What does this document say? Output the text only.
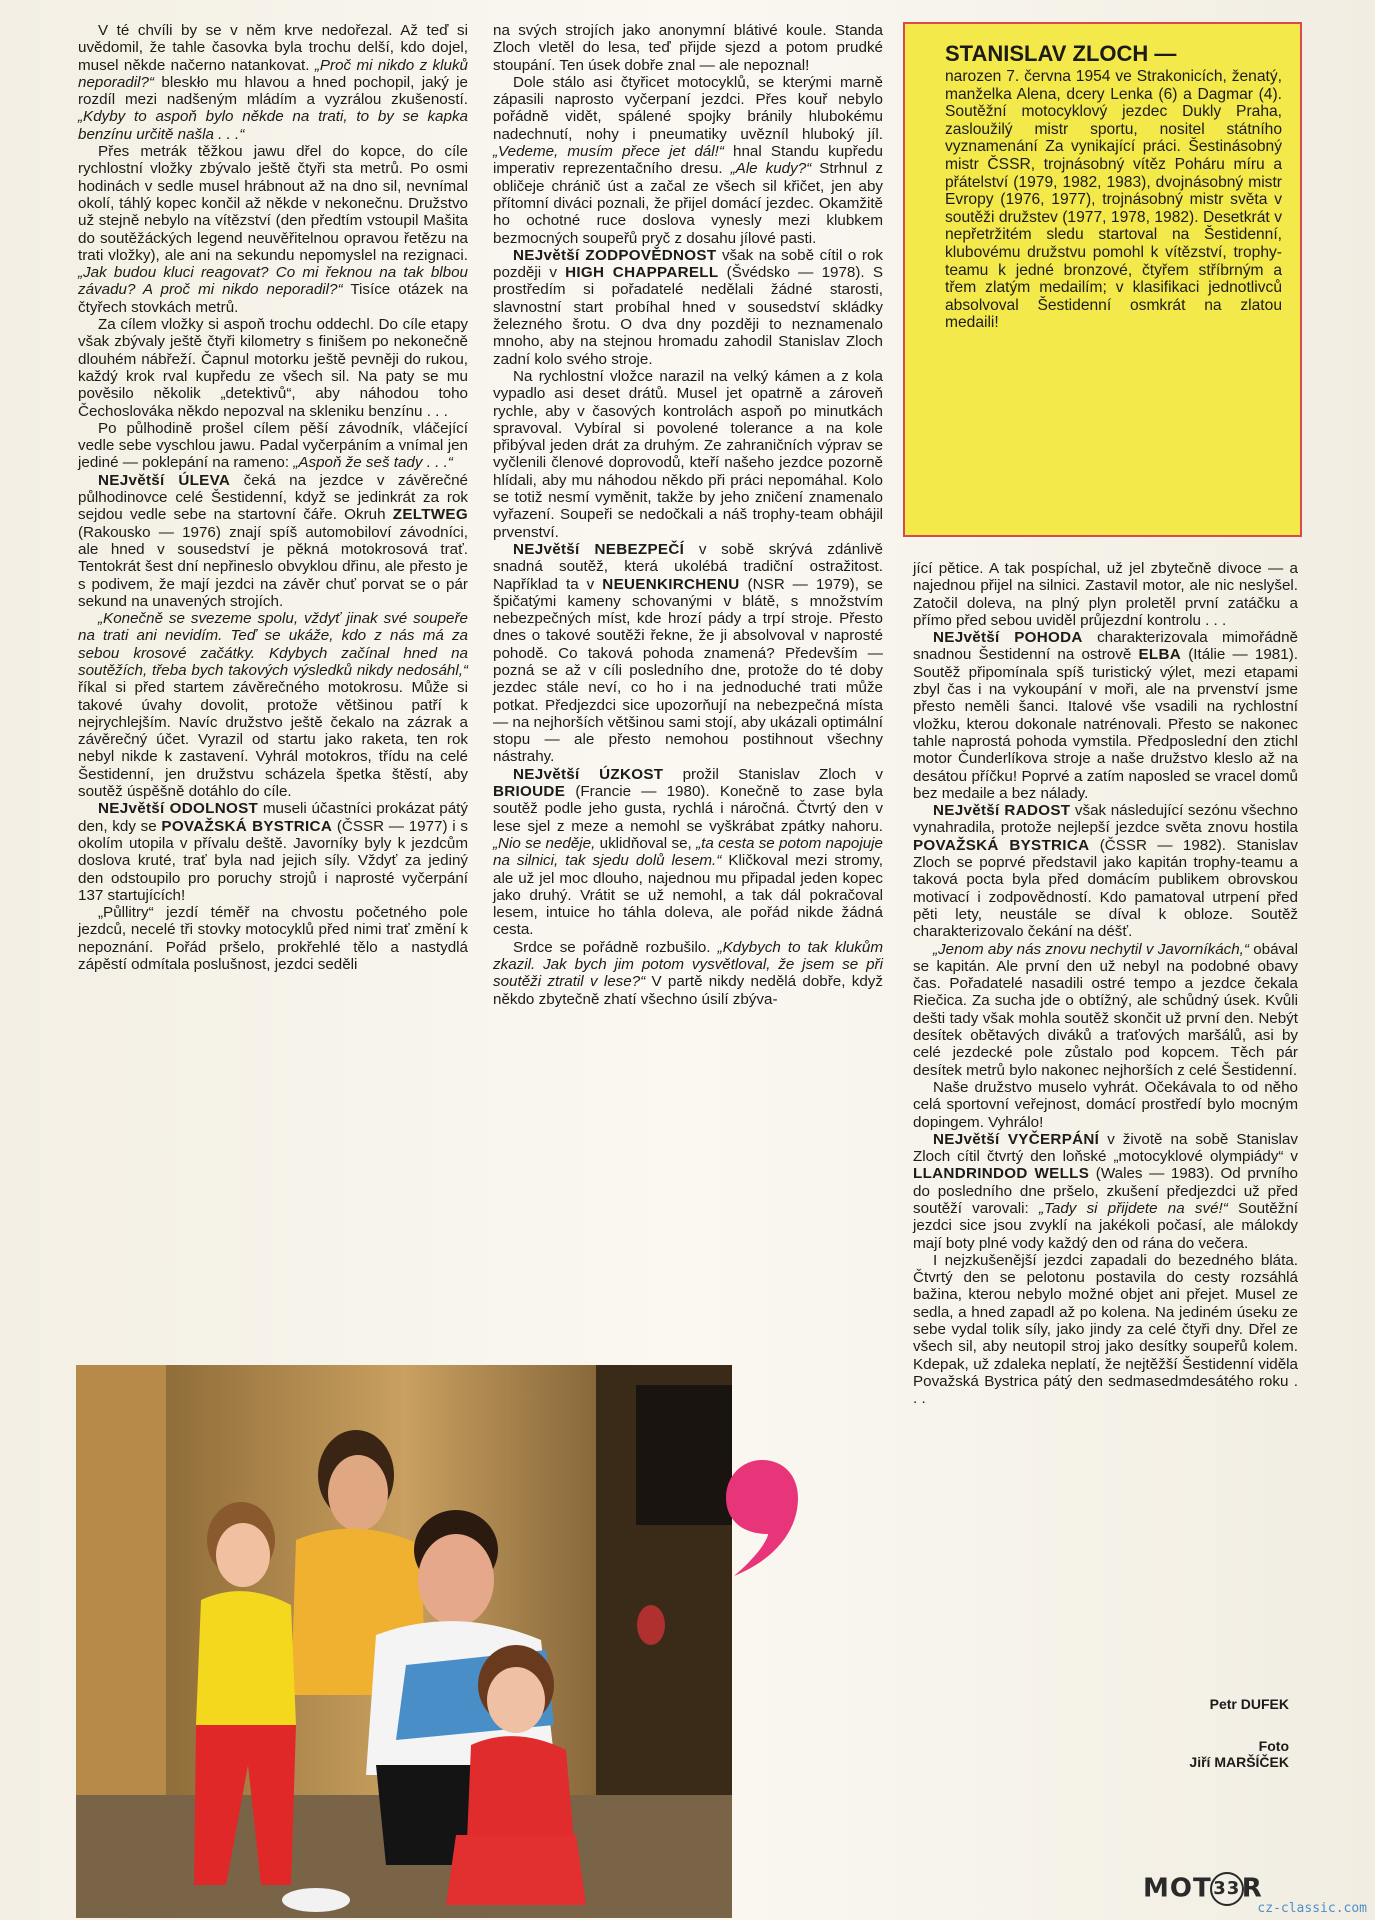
V té chvíli by se v něm krve nedořezal. Až teď si uvědomil, že tahle časovka byla trochu delší, kdo dojel, musel někde načerno natankovat. „Proč mi nikdo z kluků neporadil?“ bleskło mu hlavou a hned pochopil, jaký je rozdíl mezi nadšeným mládím a vyzrálou zkušeností. „Kdyby to aspoň bylo někde na trati, to by se kapka benzínu určitě našla . . .“

Přes metrák těžkou jawu dřel do kopce, do cíle rychlostní vložky zbývalo ještě čtyři sta metrů. Po osmi hodinách v sedle musel hrábnout až na dno sil, nevnímal okolí, táhlý kopec končil až někde v nekonečnu. Družstvo už stejně nebylo na vítězství (den předtím vstoupil Mašita do soutěžáckých legend neuvěřitelnou opravou řetězu na trati vložky), ale ani na sekundu nepomyslel na rezignaci. „Jak budou kluci reagovat? Co mi řeknou na tak blbou závadu? A proč mi nikdo neporadil?“ Tisíce otázek na čtyřech stovkách metrů.

Za cílem vložky si aspoň trochu oddechl. Do cíle etapy však zbývaly ještě čtyři kilometry s finišem po nekonečně dlouhém nábřeží. Čapnul motorku ještě pevněji do rukou, každý krok rval kupředu ze všech sil. Na paty se mu pověsilo několik „detektivů“, aby náhodou toho Čechoslováka někdo nepozval na skleniku benzínu . . .

Po půlhodině prošel cílem pěší závodník, vláčející vedle sebe vyschlou jawu. Padal vyčerpáním a vnímal jen jediné — poklepání na rameno: „Aspoň že seš tady . . .“

NEJvětší ÚLEVA čeká na jezdce v závěrečné půlhodinovce celé Šestidenní, když se jedinkrát za rok sejdou vedle sebe na startovní čáře. Okruh ZELTWEG (Rakousko — 1976) znají spíš automobiloví závodníci, ale hned v sousedství je pěkná motokrosová trať. Tentokrát šest dní nepřineslo obvyklou dřinu, ale přesto je s podivem, že mají jezdci na závěr chuť porvat se o pár sekund na unavených strojích.

„Konečně se svezeme spolu, vždyť jinak své soupeře na trati ani nevidím. Teď se ukáže, kdo z nás má za sebou krosové začátky. Kdybych začínal hned na soutěžích, třeba bych takových výsledků nikdy nedosáhl,“ říkal si před startem závěrečného motokrosu. Může si takové úvahy dovolit, protože většinou patří k nejrychlejším. Navíc družstvo ještě čekalo na zázrak a závěrečný účet. Vyrazil od startu jako raketa, ten rok nebyl nikde k zastavení. Vyhrál motokros, třídu na celé Šestidenní, jen družstvu scházela špetka štěstí, aby soutěž úspěšně dotáhlo do cíle.

NEJvětší ODOLNOST museli účastníci prokázat pátý den, kdy se POVAŽSKÁ BYSTRICA (ČSSR — 1977) i s okolím utopila v přívalu deště. Javorníky byly k jezdcům doslova kruté, trať byla nad jejich síly. Vždyť za jediný den odstoupilo pro poruchy strojů i naprosté vyčerpání 137 startujících!

„Půllitry“ jezdí téměř na chvostu početného pole jezdců, necelé tři stovky motocyklů před nimi trať změní k nepoznání. Pořád pršelo, prokřehlé tělo a nastydlá zápěstí odmítala poslušnost, jezdci seděli

na svých strojích jako anonymní blátivé koule. Standa Zloch vletěl do lesa, teď přijde sjezd a potom prudké stoupání. Ten úsek dobře znal — ale nepoznal!

Dole stálo asi čtyřicet motocyklů, se kterými marně zápasili naprosto vyčerpaní jezdci. Přes kouř nebylo pořádně vidět, spálené spojky bránily hlubokému nadechnutí, nohy i pneumatiky uvězníl hluboký jíl. „Vedeme, musím přece jet dál!“ hnal Standu kupředu imperativ reprezentačního dresu. „Ale kudy?“ Strhnul z obličeje chránič úst a začal ze všech sil křičet, jen aby přítomní diváci poznali, že přijel domácí jezdec. Okamžitě ho ochotné ruce doslova vynesly mezi klubkem bezmocných soupeřů pryč z dosahu jílové pasti.

NEJvětší ZODPOVĚDNOST však na sobě cítil o rok později v HIGH CHAPPARELL (Švédsko — 1978). S prostředím si pořadatelé nedělali žádné starosti, slavnostní start probíhal hned v sousedství skládky železného šrotu. O dva dny později to neznamenalo mnoho, aby na stejnou hromadu zahodil Stanislav Zloch zadní kolo svého stroje.

Na rychlostní vložce narazil na velký kámen a z kola vypadlo asi deset drátů. Musel jet opatrně a zároveň rychle, aby v časových kontrolách aspoň po minutkách spravoval. Vybíral si povolené tolerance a na kole přibýval jeden drát za druhým. Ze zahraničních výprav se vyčlenili členové doprovodů, kteří našeho jezdce pozorně hlídali, aby mu náhodou někdo při práci nepomáhal. Kolo se totiž nesmí vyměnit, takže by jeho zničení znamenalo vyřazení. Soupeři se nedočkali a náš trophy-team obhájil prvenství.

NEJvětší NEBEZPEČÍ v sobě skrývá zdánlivě snadná soutěž, která ukolébá tradiční ostražitost. Například ta v NEUENKIRCHENU (NSR — 1979), se špičatými kameny schovanými v blátě, s množstvím nebezpečných míst, kde hrozí pády a trpí stroje. Přesto dnes o takové soutěži řekne, že ji absolvoval v naprosté pohodě. Co taková pohoda znamená? Především — pozná se až v cíli posledního dne, protože do té doby jezdec stále neví, co ho i na jednoduché trati může potkat. Předjezdci sice upozorňují na nebezpečná místa — na nejhorších většinou sami stojí, aby ukázali optimální stopu — ale přesto nemohou postihnout všechny nástrahy.

NEJvětší ÚZKOST prožil Stanislav Zloch v BRIOUDE (Francie — 1980). Konečně to zase byla soutěž podle jeho gusta, rychlá i náročná. Čtvrtý den v lese sjel z meze a nemohl se vyškrábat zpátky nahoru. „Nio se neděje, uklidňoval se, „ta cesta se potom napojuje na silnici, tak sjedu dolů lesem.“ Kličkoval mezi stromy, ale už jel moc dlouho, najednou mu připadal jeden kopec jako druhý. Vrátit se už nemohl, a tak dál pokračoval lesem, intuice ho táhla doleva, ale pořád nikde žádná cesta.

Srdce se pořádně rozbušilo. „Kdybych to tak klukům zkazil. Jak bych jim potom vysvětloval, že jsem se při soutěži ztratil v lese?“ V partě nikdy nedělá dobře, když někdo zbytečně zhatí všechno úsilí zbýva-

STANISLAV ZLOCH —
narozen 7. června 1954 ve Strakonicích, ženatý, manželka Alena, dcery Lenka (6) a Dagmar (4). Soutěžní motocyklový jezdec Dukly Praha, zasloužilý mistr sportu, nositel státního vyznamenání Za vynikající práci. Šestinásobný mistr ČSSR, trojnásobný vítěz Poháru míru a přátelství (1979, 1982, 1983), dvojnásobný mistr Evropy (1976, 1977), trojnásobný mistr světa v soutěži družstev (1977, 1978, 1982). Desetkrát v nepřetržitém sledu startoval na Šestidenní, klubovému družstvu pomohl k vítězství, trophy-teamu k jedné bronzové, čtyřem stříbrným a třem zlatým medailím; v klasifikaci jednotlivců absolvoval Šestidenní osmkrát na zlatou medaili!

jící pětice. A tak pospíchal, už jel zbytečně divoce — a najednou přijel na silnici. Zastavil motor, ale nic neslyšel. Zatočil doleva, na plný plyn proletěl první zatáčku a přímo před sebou uviděl průjezdní kontrolu . . .

NEJvětší POHODA charakterizovala mimořádně snadnou Šestidenní na ostrově ELBA (Itálie — 1981). Soutěž připomínala spíš turistický výlet, mezi etapami zbyl čas i na vykoupání v moři, ale na prvenství jsme přesto neměli šanci. Italové vše vsadili na rychlostní vložku, kterou dokonale natrénovali. Přesto se nakonec tahle naprostá pohoda vymstila. Předposlední den ztichl motor Čunderlíkova stroje a naše družstvo kleslo až na desátou příčku! Poprvé a zatím naposled se vracel domů bez medaile a bez nálady.

NEJvětší RADOST však následující sezónu všechno vynahradila, protože nejlepší jezdce světa znovu hostila POVAŽSKÁ BYSTRICA (ČSSR — 1982). Stanislav Zloch se poprvé představil jako kapitán trophy-teamu a taková pocta byla před domácím publikem obrovskou motivací i zodpovědností. Kdo pamatoval utrpení před pěti lety, neustále se díval k obloze. Soutěž charakterizovalo čekání na déšť.

„Jenom aby nás znovu nechytil v Javorníkách,“ obával se kapitán. Ale první den už nebyl na podobné obavy čas. Pořadatelé nasadili ostré tempo a jezdce čekala Riečica. Za sucha jde o obtížný, ale schůdný úsek. Kvůli dešti tady však mohla soutěž skončit už první den. Nebýt desítek obětavých diváků a traťových maršálů, asi by celé jezdecké pole zůstalo pod kopcem. Těch pár desítek metrů bylo nakonec nejhorších z celé Šestidenní.

Naše družstvo muselo vyhrát. Očekávala to od něho celá sportovní veřejnost, domácí prostředí bylo mocným dopingem. Vyhrálo!

NEJvětší VYČERPÁNÍ v životě na sobě Stanislav Zloch cítil čtvrtý den loňské „motocyklové olympiády“ v LLANDRINDOD WELLS (Wales — 1983). Od prvního do posledního dne pršelo, zkušení předjezdci už před soutěží varovali: „Tady si přijdete na své!“ Soutěžní jezdci sice jsou zvyklí na jakékoli počasí, ale málokdy mají boty plné vody každý den od rána do večera.

I nejzkušenější jezdci zapadali do bezedného bláta. Čtvrtý den se pelotonu postavila do cesty rozsáhlá bažina, kterou nebylo možné objet ani přejet. Musel ze sedla, a hned zapadl až po kolena. Na jediném úseku ze sebe vydal tolik síly, jako jindy za celé čtyři dny. Dřel ze všech sil, aby neutopil stroj jako desítky soupeřů kolem. Kdepak, už zdaleka neplatí, že nejtěžší Šestidenní viděla Považská Bystrica pátý den sedmasedmdesátého roku . . .

Petr DUFEK
Foto
Jiří MARŠÍČEK
MOT33R
cz-classic.com
